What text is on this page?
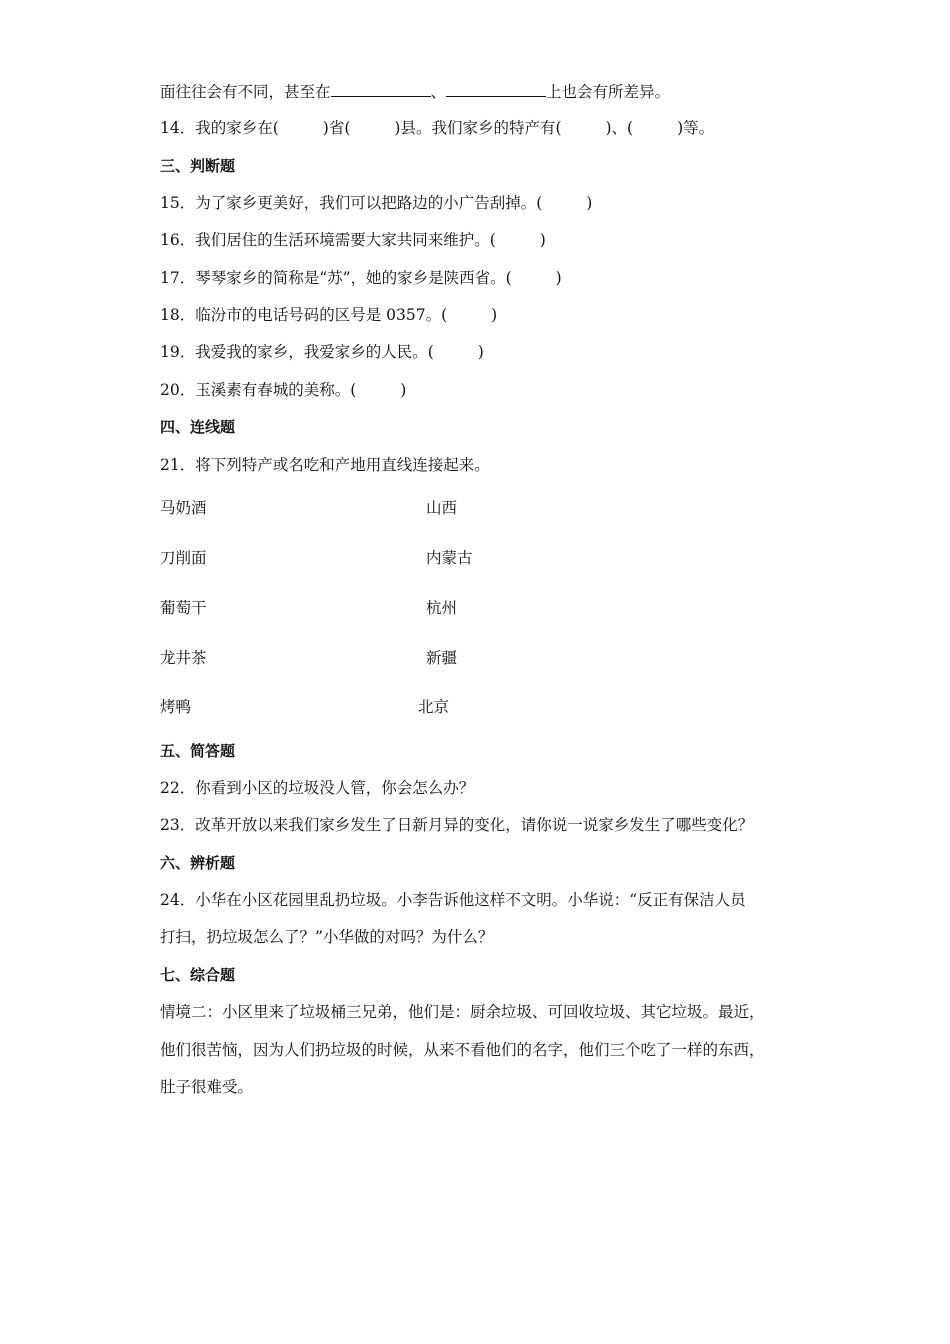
面往往会有不同，甚至在	、	上也会有所差异。
14．我的家乡在(	)省(	)县。我们家乡的特产有(	)、(	)等。
三、判断题
15．为了家乡更美好，我们可以把路边的小广告刮掉。(	)
16．我们居住的生活环境需要大家共同来维护。(	)
17．琴琴家乡的简称是“苏”，她的家乡是陕西省。(	)
18．临汾市的电话号码的区号是 0357。(	)
19．我爱我的家乡，我爱家乡的人民。(	)
20．玉溪素有春城的美称。(	)
四、连线题
21．将下列特产或名吃和产地用直线连接起来。
马奶酒	山西
刀削面	内蒙古
葡萄干	杭州
龙井茶	新疆
烤鸭	北京
五、简答题
22．你看到小区的垃圾没人管，你会怎么办？
23．改革开放以来我们家乡发生了日新月异的变化，请你说一说家乡发生了哪些变化？
六、辨析题
24．小华在小区花园里乱扔垃圾。小李告诉他这样不文明。小华说：“反正有保洁人员
打扫，扔垃圾怎么了？”小华做的对吗？为什么？
七、综合题
情境二：小区里来了垃圾桶三兄弟，他们是：厨余垃圾、可回收垃圾、其它垃圾。最近，
他们很苦恼，因为人们扔垃圾的时候，从来不看他们的名字，他们三个吃了一样的东西，
肚子很难受。
